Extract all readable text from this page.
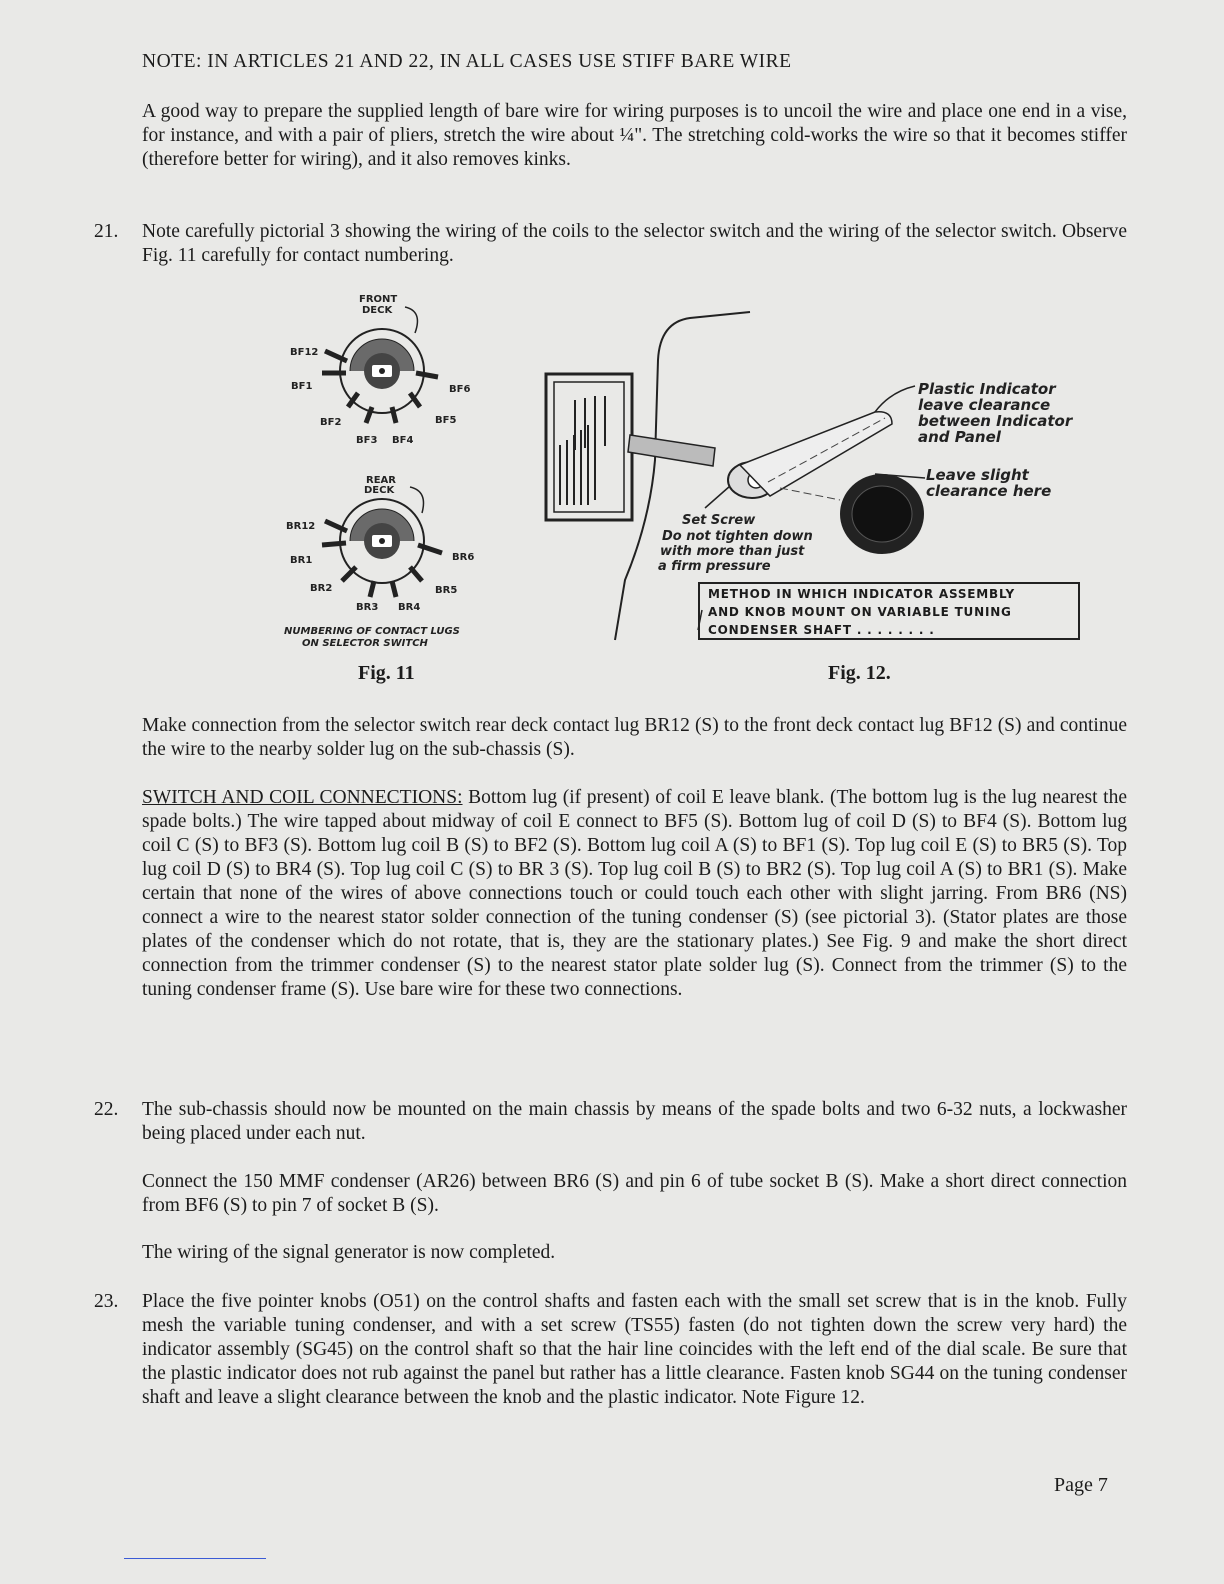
NOTE: IN ARTICLES 21 AND 22, IN ALL CASES USE STIFF BARE WIRE

A good way to prepare the supplied length of bare wire for wiring purposes is to uncoil the wire and place one end in a vise, for instance, and with a pair of pliers, stretch the wire about ¼". The stretching cold-works the wire so that it becomes stiffer (therefore better for wiring), and it also removes kinks.

21. Note carefully pictorial 3 showing the wiring of the coils to the selector switch and the wiring of the selector switch. Observe Fig. 11 carefully for contact numbering.

FRONT
DECK
REAR
DECK
BF12
BF1	BF6
BF2	BF5
BF3 BF4
BR12
BR1	BR6
BR2	BR5
BR3 BR4
NUMBERING OF CONTACT LUGS
ON SELECTOR SWITCH
Fig. 11
Plastic Indicator
leave clearance
between Indicator
and Panel
Leave slight
clearance here
Set Screw
Do not tighten down
with more than just
a firm pressure
METHOD IN WHICH INDICATOR ASSEMBLY
AND KNOB MOUNT ON VARIABLE TUNING
CONDENSER SHAFT . . . . . . . .
Fig. 12.

Make connection from the selector switch rear deck contact lug BR12 (S) to the front deck contact lug BF12 (S) and continue the wire to the nearby solder lug on the sub-chassis (S).

SWITCH AND COIL CONNECTIONS: Bottom lug (if present) of coil E leave blank. (The bottom lug is the lug nearest the spade bolts.) The wire tapped about midway of coil E connect to BF5 (S). Bottom lug of coil D (S) to BF4 (S). Bottom lug coil C (S) to BF3 (S). Bottom lug coil B (S) to BF2 (S). Bottom lug coil A (S) to BF1 (S). Top lug coil E (S) to BR5 (S). Top lug coil D (S) to BR4 (S). Top lug coil C (S) to BR 3 (S). Top lug coil B (S) to BR2 (S). Top lug coil A (S) to BR1 (S). Make certain that none of the wires of above connections touch or could touch each other with slight jarring. From BR6 (NS) connect a wire to the nearest stator solder connection of the tuning condenser (S) (see pictorial 3). (Stator plates are those plates of the condenser which do not rotate, that is, they are the stationary plates.) See Fig. 9 and make the short direct connection from the trimmer condenser (S) to the nearest stator plate solder lug (S). Connect from the trimmer (S) to the tuning condenser frame (S). Use bare wire for these two connections.

22. The sub-chassis should now be mounted on the main chassis by means of the spade bolts and two 6-32 nuts, a lockwasher being placed under each nut.

Connect the 150 MMF condenser (AR26) between BR6 (S) and pin 6 of tube socket B (S). Make a short direct connection from BF6 (S) to pin 7 of socket B (S).

The wiring of the signal generator is now completed.

23. Place the five pointer knobs (O51) on the control shafts and fasten each with the small set screw that is in the knob. Fully mesh the variable tuning condenser, and with a set screw (TS55) fasten (do not tighten down the screw very hard) the indicator assembly (SG45) on the control shaft so that the hair line coincides with the left end of the dial scale. Be sure that the plastic indicator does not rub against the panel but rather has a little clearance. Fasten knob SG44 on the tuning condenser shaft and leave a slight clearance between the knob and the plastic indicator. Note Figure 12.

Page 7
